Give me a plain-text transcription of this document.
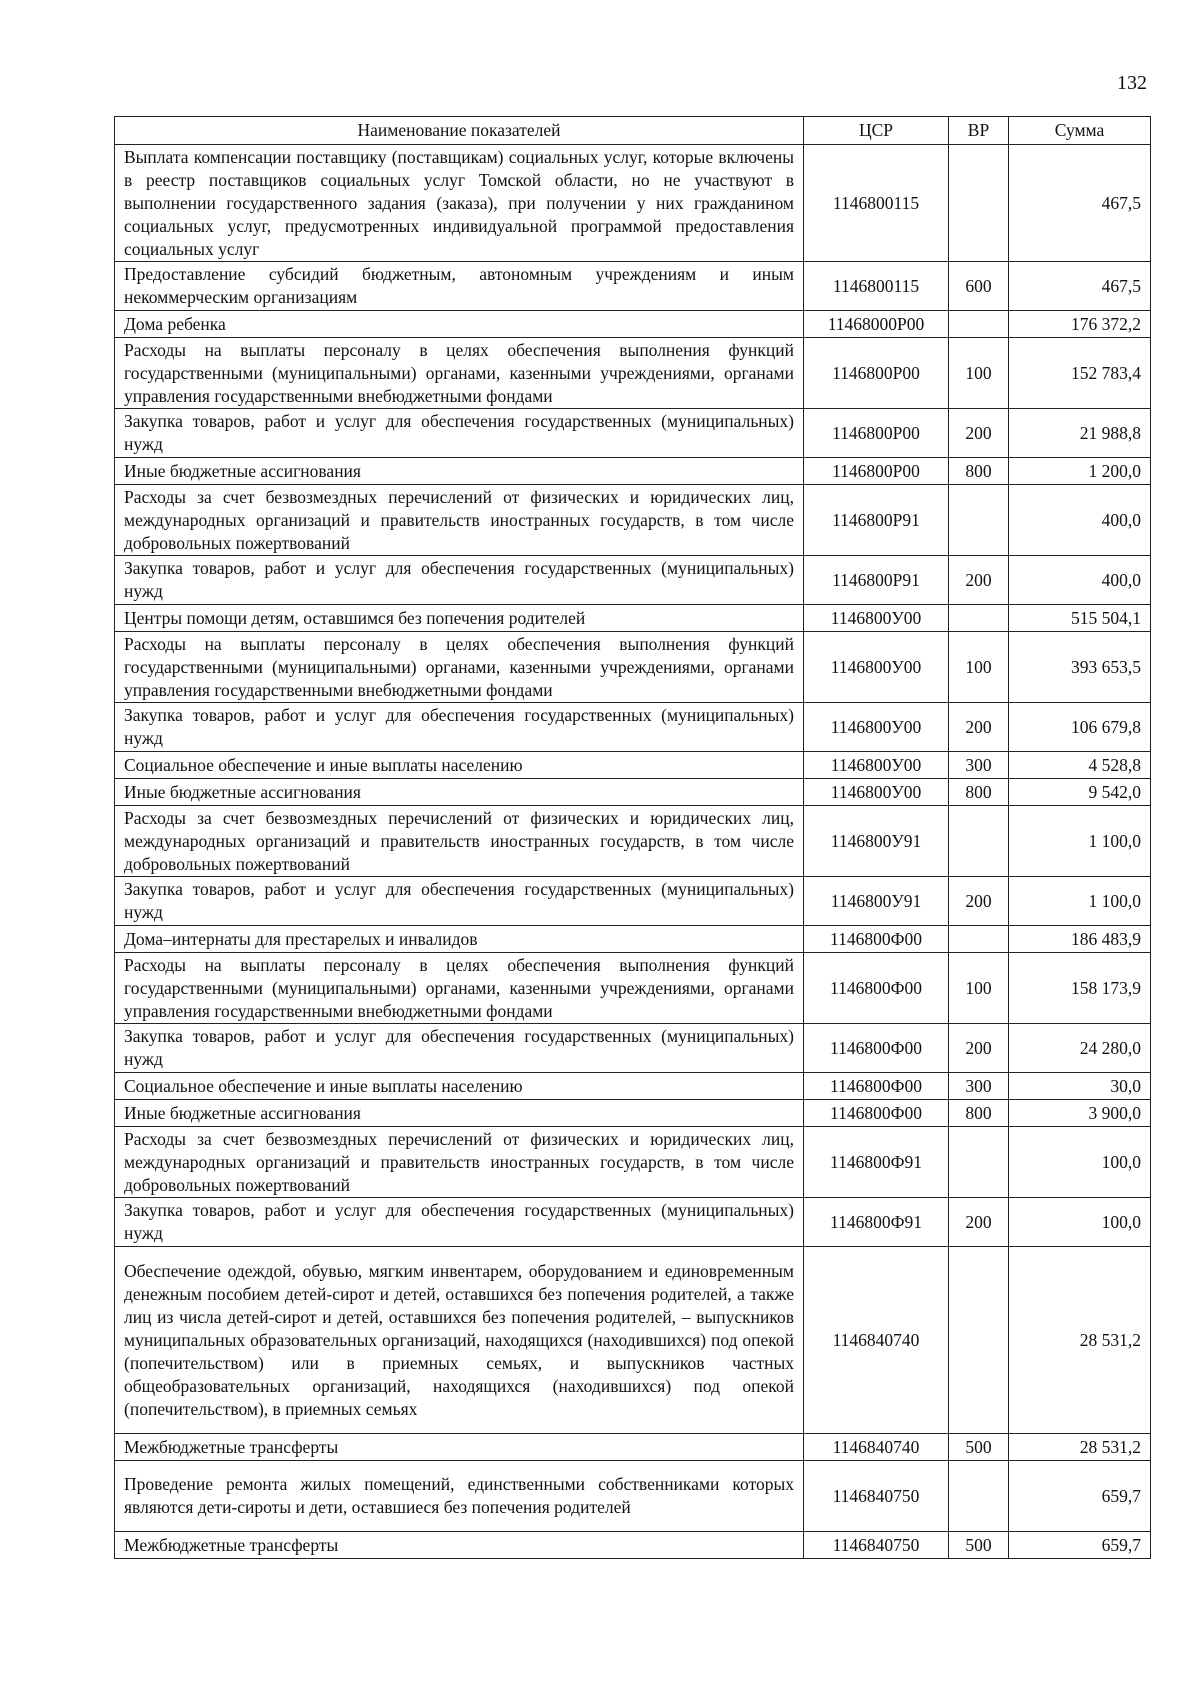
132
Наименование показателей	ЦСР	ВР	Сумма
Выплата компенсации поставщику (поставщикам) социальных услуг, которые включены в реестр поставщиков социальных услуг Томской области, но не участвуют в выполнении государственного задания (заказа), при получении у них гражданином социальных услуг, предусмотренных индивидуальной программой предоставления социальных услуг	1146800115		467,5
Предоставление субсидий бюджетным, автономным учреждениям и иным некоммерческим организациям	1146800115	600	467,5
Дома ребенка	11468000Р00		176 372,2
Расходы на выплаты персоналу в целях обеспечения выполнения функций государственными (муниципальными) органами, казенными учреждениями, органами управления государственными внебюджетными фондами	1146800Р00	100	152 783,4
Закупка товаров, работ и услуг для обеспечения государственных (муниципальных) нужд	1146800Р00	200	21 988,8
Иные бюджетные ассигнования	1146800Р00	800	1 200,0
Расходы за счет безвозмездных перечислений от физических и юридических лиц, международных организаций и правительств иностранных государств, в том числе добровольных пожертвований	1146800Р91		400,0
Закупка товаров, работ и услуг для обеспечения государственных (муниципальных) нужд	1146800Р91	200	400,0
Центры помощи детям, оставшимся без попечения родителей	1146800У00		515 504,1
Расходы на выплаты персоналу в целях обеспечения выполнения функций государственными (муниципальными) органами, казенными учреждениями, органами управления государственными внебюджетными фондами	1146800У00	100	393 653,5
Закупка товаров, работ и услуг для обеспечения государственных (муниципальных) нужд	1146800У00	200	106 679,8
Социальное обеспечение и иные выплаты населению	1146800У00	300	4 528,8
Иные бюджетные ассигнования	1146800У00	800	9 542,0
Расходы за счет безвозмездных перечислений от физических и юридических лиц, международных организаций и правительств иностранных государств, в том числе добровольных пожертвований	1146800У91		1 100,0
Закупка товаров, работ и услуг для обеспечения государственных (муниципальных) нужд	1146800У91	200	1 100,0
Дома–интернаты для престарелых и инвалидов	1146800Ф00		186 483,9
Расходы на выплаты персоналу в целях обеспечения выполнения функций государственными (муниципальными) органами, казенными учреждениями, органами управления государственными внебюджетными фондами	1146800Ф00	100	158 173,9
Закупка товаров, работ и услуг для обеспечения государственных (муниципальных) нужд	1146800Ф00	200	24 280,0
Социальное обеспечение и иные выплаты населению	1146800Ф00	300	30,0
Иные бюджетные ассигнования	1146800Ф00	800	3 900,0
Расходы за счет безвозмездных перечислений от физических и юридических лиц, международных организаций и правительств иностранных государств, в том числе добровольных пожертвований	1146800Ф91		100,0
Закупка товаров, работ и услуг для обеспечения государственных (муниципальных) нужд	1146800Ф91	200	100,0
Обеспечение одеждой, обувью, мягким инвентарем, оборудованием и единовременным денежным пособием детей-сирот и детей, оставшихся без попечения родителей, а также лиц из числа детей-сирот и детей, оставшихся без попечения родителей, – выпускников муниципальных образовательных организаций, находящихся (находившихся) под опекой (попечительством) или в приемных семьях, и выпускников частных общеобразовательных организаций, находящихся (находившихся) под опекой (попечительством), в приемных семьях	1146840740		28 531,2
Межбюджетные трансферты	1146840740	500	28 531,2
Проведение ремонта жилых помещений, единственными собственниками которых являются дети-сироты и дети, оставшиеся без попечения родителей	1146840750		659,7
Межбюджетные трансферты	1146840750	500	659,7
